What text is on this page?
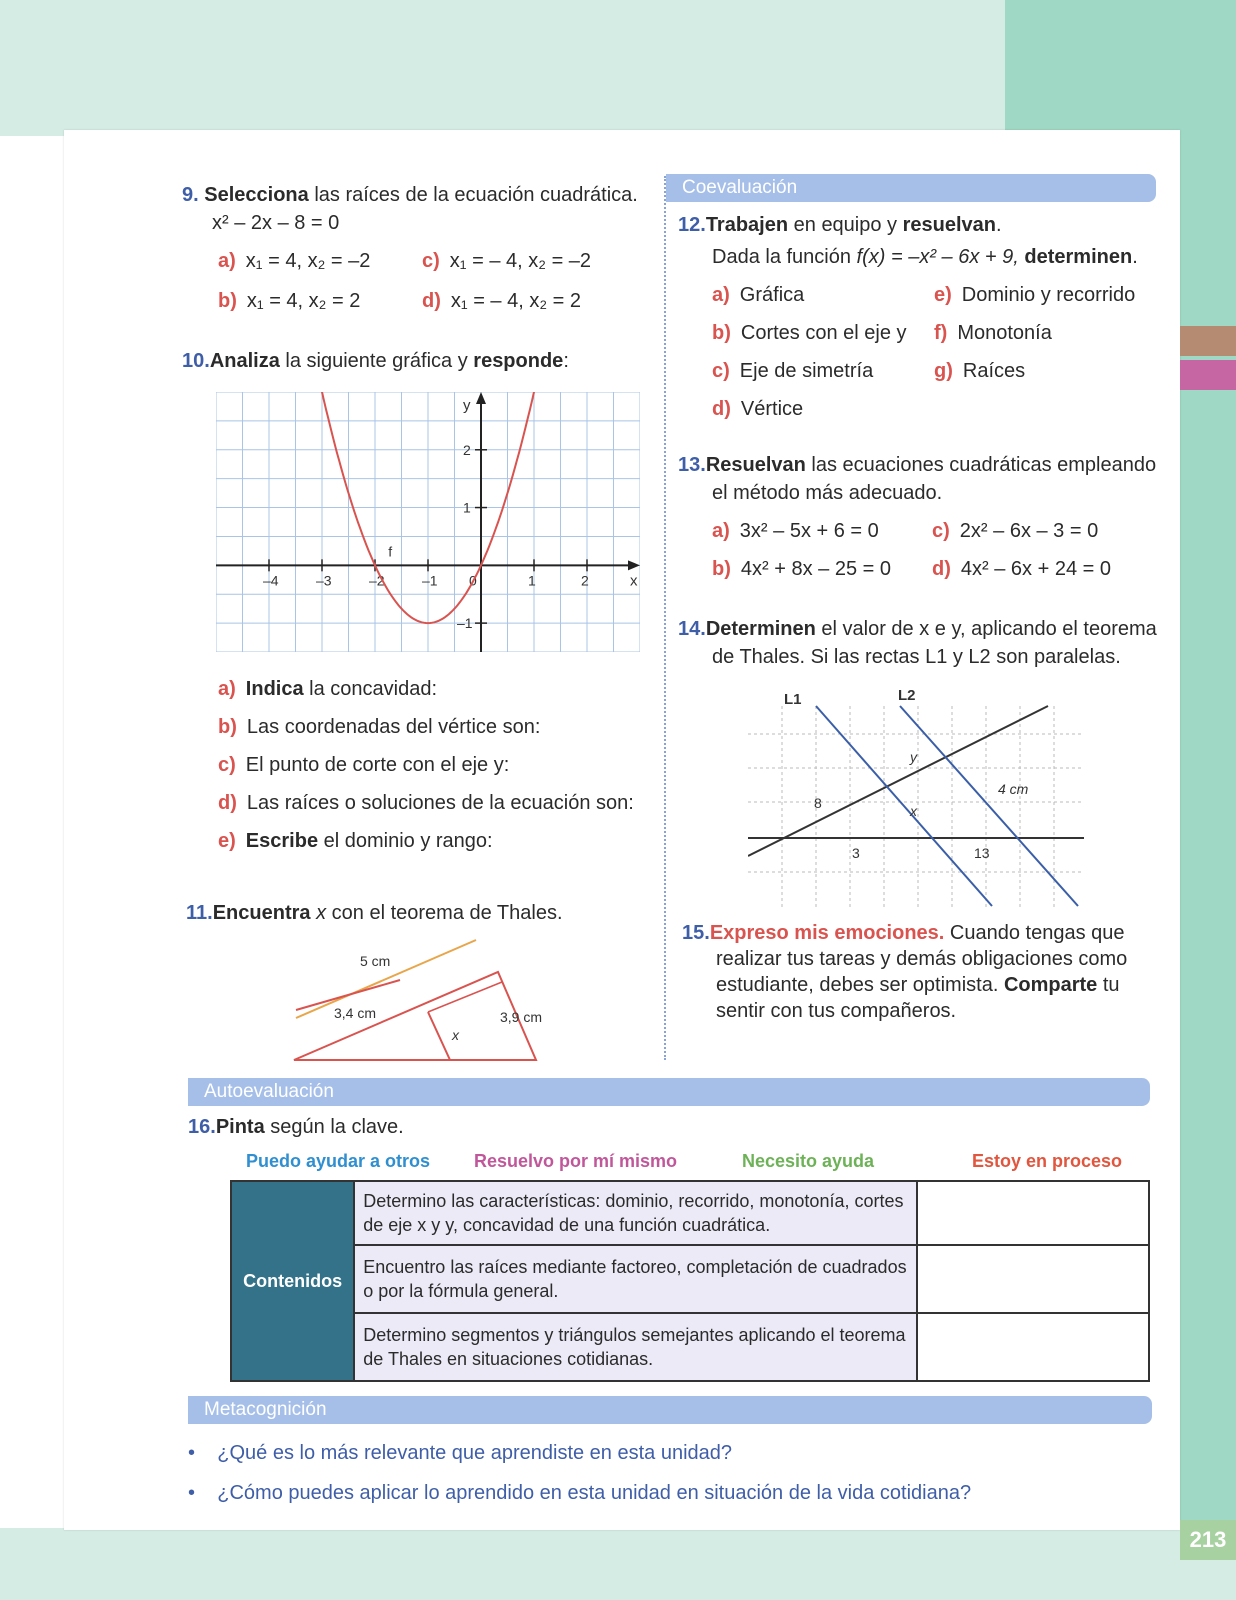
213
9. Selecciona las raíces de la ecuación cuadrática.
x² – 2x – 8 = 0
a) x₁ = 4, x₂ = –2	c) x₁ = – 4, x₂ = –2
b) x₁ = 4, x₂ = 2	d) x₁ = – 4, x₂ = 2
10.Analiza la siguiente gráfica y responde:
–4	–3	–2	–1 0	1	2
2
1
–1
f
x
y
a) Indica la concavidad:
b) Las coordenadas del vértice son:
c) El punto de corte con el eje y:
d) Las raíces o soluciones de la ecuación son:
e) Escribe el dominio y rango:
11.Encuentra x con el teorema de Thales.
5 cm
3,4 cm
x
3,9 cm
Coevaluación
12.Trabajen en equipo y resuelvan.
Dada la función f(x) = –x² – 6x + 9, determinen.
a) Gráfica	e) Dominio y recorrido
b) Cortes con el eje y f) Monotonía
c) Eje de simetría	g) Raíces
d) Vértice
13.Resuelvan las ecuaciones cuadráticas empleando
el método más adecuado.
a) 3x² – 5x + 6 = 0	c) 2x² – 6x – 3 = 0
b) 4x² + 8x – 25 = 0 d) 4x² – 6x + 24 = 0
14.Determinen el valor de x e y, aplicando el teorema
de Thales. Si las rectas L1 y L2 son paralelas.
L1	L2
y
4 cm
8	x
3	13
15.Expreso mis emociones. Cuando tengas que
realizar tus tareas y demás obligaciones como
estudiante, debes ser optimista. Comparte tu
sentir con tus compañeros.
Autoevaluación
16.Pinta según la clave.
Puedo ayudar a otros Resuelvo por mí mismo	Necesito ayuda	Estoy en proceso
Contenidos	Determino las características: dominio, recorrido, monotonía, cortes de eje x y y, concavidad de una función cuadrática.	
	Encuentro las raíces mediante factoreo, completación de cuadrados o por la fórmula general.	
	Determino segmentos y triángulos semejantes aplicando el teorema de Thales en situaciones cotidianas.	
Metacognición
• ¿Qué es lo más relevante que aprendiste en esta unidad?
• ¿Cómo puedes aplicar lo aprendido en esta unidad en situación de la vida cotidiana?
